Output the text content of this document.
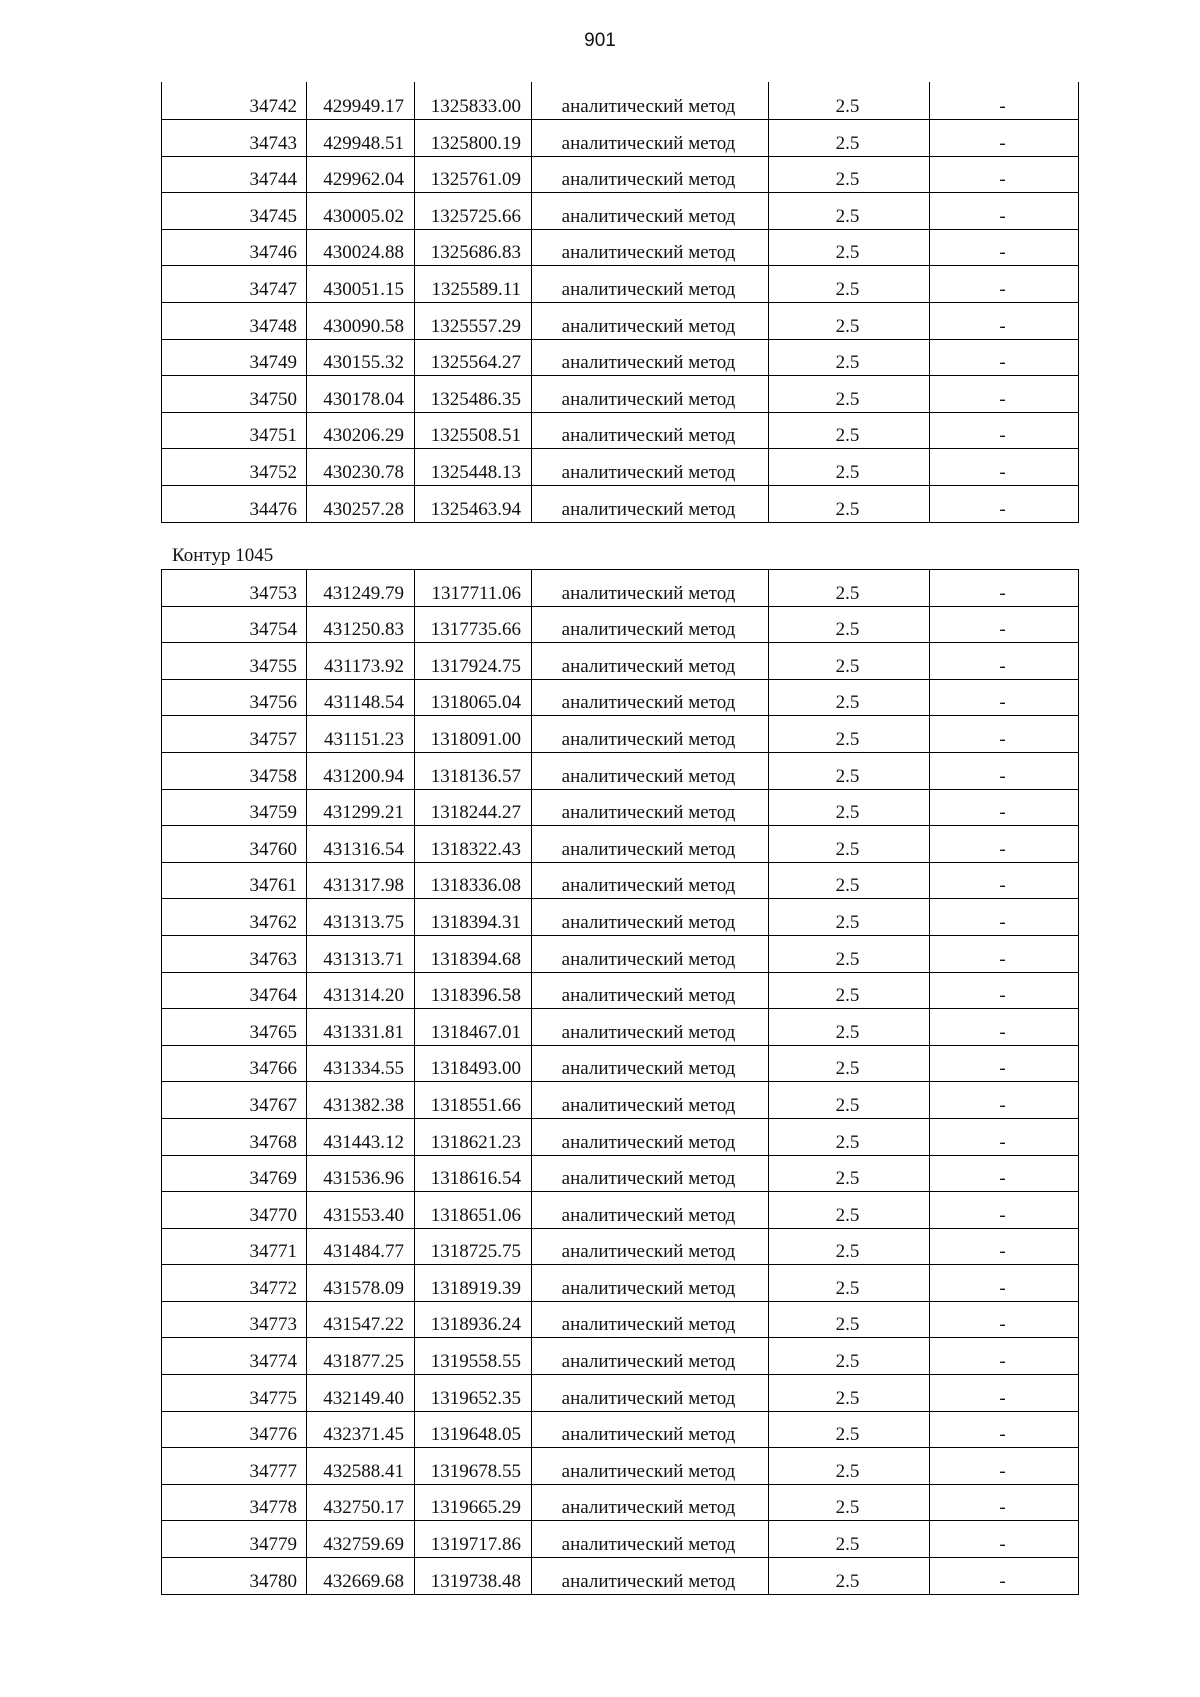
901
34742	429949.17	1325833.00	аналитический метод	2.5	-
34743	429948.51	1325800.19	аналитический метод	2.5	-
34744	429962.04	1325761.09	аналитический метод	2.5	-
34745	430005.02	1325725.66	аналитический метод	2.5	-
34746	430024.88	1325686.83	аналитический метод	2.5	-
34747	430051.15	1325589.11	аналитический метод	2.5	-
34748	430090.58	1325557.29	аналитический метод	2.5	-
34749	430155.32	1325564.27	аналитический метод	2.5	-
34750	430178.04	1325486.35	аналитический метод	2.5	-
34751	430206.29	1325508.51	аналитический метод	2.5	-
34752	430230.78	1325448.13	аналитический метод	2.5	-
34476	430257.28	1325463.94	аналитический метод	2.5	-
Контур 1045
34753	431249.79	1317711.06	аналитический метод	2.5	-
34754	431250.83	1317735.66	аналитический метод	2.5	-
34755	431173.92	1317924.75	аналитический метод	2.5	-
34756	431148.54	1318065.04	аналитический метод	2.5	-
34757	431151.23	1318091.00	аналитический метод	2.5	-
34758	431200.94	1318136.57	аналитический метод	2.5	-
34759	431299.21	1318244.27	аналитический метод	2.5	-
34760	431316.54	1318322.43	аналитический метод	2.5	-
34761	431317.98	1318336.08	аналитический метод	2.5	-
34762	431313.75	1318394.31	аналитический метод	2.5	-
34763	431313.71	1318394.68	аналитический метод	2.5	-
34764	431314.20	1318396.58	аналитический метод	2.5	-
34765	431331.81	1318467.01	аналитический метод	2.5	-
34766	431334.55	1318493.00	аналитический метод	2.5	-
34767	431382.38	1318551.66	аналитический метод	2.5	-
34768	431443.12	1318621.23	аналитический метод	2.5	-
34769	431536.96	1318616.54	аналитический метод	2.5	-
34770	431553.40	1318651.06	аналитический метод	2.5	-
34771	431484.77	1318725.75	аналитический метод	2.5	-
34772	431578.09	1318919.39	аналитический метод	2.5	-
34773	431547.22	1318936.24	аналитический метод	2.5	-
34774	431877.25	1319558.55	аналитический метод	2.5	-
34775	432149.40	1319652.35	аналитический метод	2.5	-
34776	432371.45	1319648.05	аналитический метод	2.5	-
34777	432588.41	1319678.55	аналитический метод	2.5	-
34778	432750.17	1319665.29	аналитический метод	2.5	-
34779	432759.69	1319717.86	аналитический метод	2.5	-
34780	432669.68	1319738.48	аналитический метод	2.5	-
